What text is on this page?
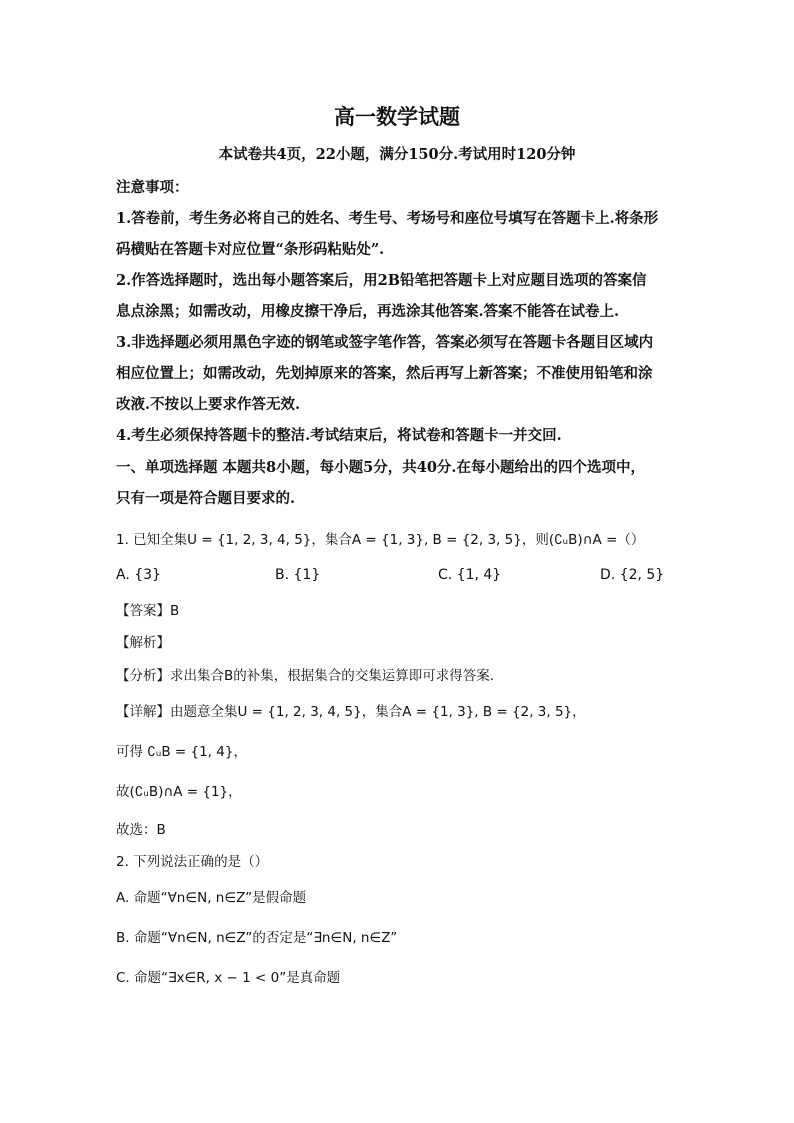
高一数学试题
本试卷共4页，22小题，满分150分.考试用时120分钟
注意事项：
1.答卷前，考生务必将自己的姓名、考生号、考场号和座位号填写在答题卡上.将条形
码横贴在答题卡对应位置“条形码粘贴处”.
2.作答选择题时，选出每小题答案后，用2B铅笔把答题卡上对应题目选项的答案信
息点涂黑；如需改动，用橡皮擦干净后，再选涂其他答案.答案不能答在试卷上.
3.非选择题必须用黑色字迹的钢笔或签字笔作答，答案必须写在答题卡各题目区域内
相应位置上；如需改动，先划掉原来的答案，然后再写上新答案；不准使用铅笔和涂
改液.不按以上要求作答无效.
4.考生必须保持答题卡的整洁.考试结束后，将试卷和答题卡一并交回.
一、单项选择题 本题共8小题，每小题5分，共40分.在每小题给出的四个选项中，
只有一项是符合题目要求的.
1. 已知全集U = {1, 2, 3, 4, 5}，集合A = {1, 3}, B = {2, 3, 5}，则(∁ᵤB)∩A =（）
A. {3}	B. {1}	C. {1, 4}	D. {2, 5}
【答案】B
【解析】
【分析】求出集合B的补集，根据集合的交集运算即可求得答案.
【详解】由题意全集U = {1, 2, 3, 4, 5}，集合A = {1, 3}, B = {2, 3, 5}，
可得 ∁ᵤB = {1, 4}，
故(∁ᵤB)∩A = {1}，
故选：B
2. 下列说法正确的是（）
A. 命题“∀n∈N, n∈Z”是假命题
B. 命题“∀n∈N, n∈Z”的否定是“∃n∈N, n∈Z”
C. 命题“∃x∈R, x − 1 < 0”是真命题
